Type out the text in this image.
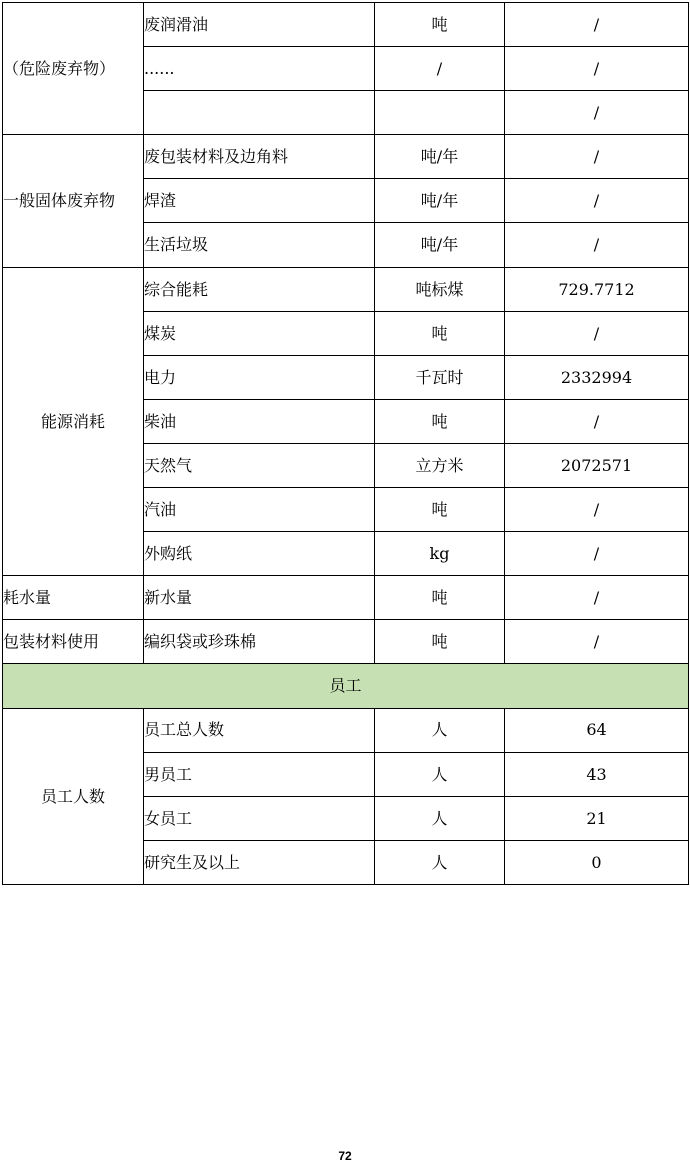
（危险废弃物）	废润滑油	吨	/
	......	/	/
			/
一般固体废弃物	废包装材料及边角料	吨/年	/
	焊渣	吨/年	/
	生活垃圾	吨/年	/
能源消耗	综合能耗	吨标煤	729.7712
	煤炭	吨	/
	电力	千瓦时	2332994
	柴油	吨	/
	天然气	立方米	2072571
	汽油	吨	/
	外购纸	kg	/
耗水量	新水量	吨	/
包装材料使用	编织袋或珍珠棉	吨	/
员工			
员工人数	员工总人数	人	64
	男员工	人	43
	女员工	人	21
	研究生及以上	人	0
72
